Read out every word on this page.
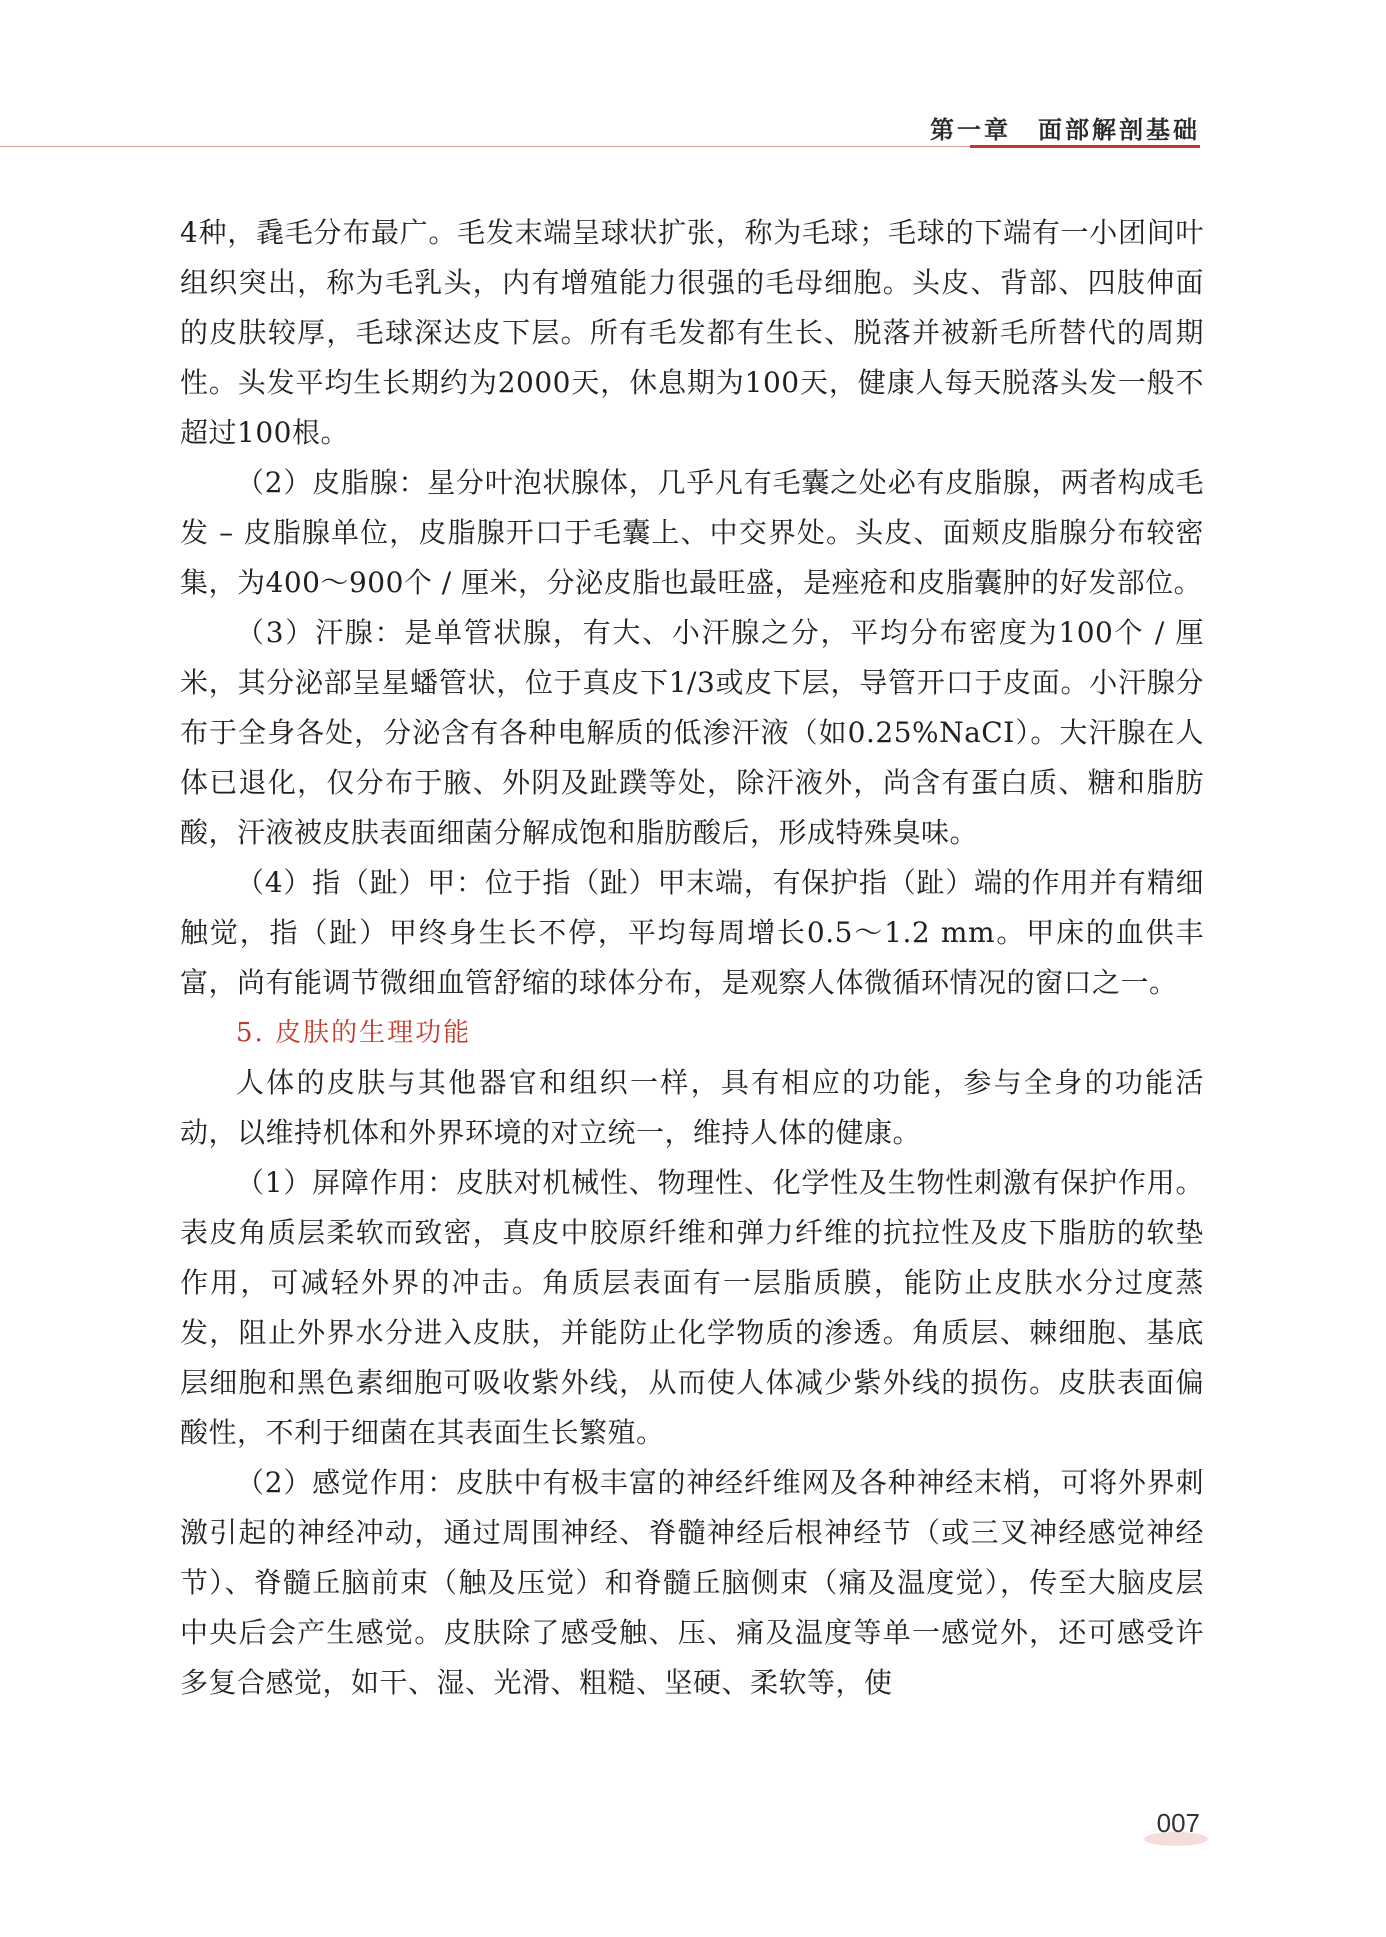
第一章　面部解剖基础

4种，毳毛分布最广。毛发末端呈球状扩张，称为毛球；毛球的下端有一小团间叶组织突出，称为毛乳头，内有增殖能力很强的毛母细胞。头皮、背部、四肢伸面的皮肤较厚，毛球深达皮下层。所有毛发都有生长、脱落并被新毛所替代的周期性。头发平均生长期约为2000天，休息期为100天，健康人每天脱落头发一般不超过100根。

（2）皮脂腺：星分叶泡状腺体，几乎凡有毛囊之处必有皮脂腺，两者构成毛发 – 皮脂腺单位，皮脂腺开口于毛囊上、中交界处。头皮、面颊皮脂腺分布较密集，为400～900个 / 厘米，分泌皮脂也最旺盛，是痤疮和皮脂囊肿的好发部位。

（3）汗腺：是单管状腺，有大、小汗腺之分，平均分布密度为100个 / 厘米，其分泌部呈星蟠管状，位于真皮下1/3或皮下层，导管开口于皮面。小汗腺分布于全身各处，分泌含有各种电解质的低渗汗液（如0.25%NaCI）。大汗腺在人体已退化，仅分布于腋、外阴及趾蹼等处，除汗液外，尚含有蛋白质、糖和脂肪酸，汗液被皮肤表面细菌分解成饱和脂肪酸后，形成特殊臭味。

（4）指（趾）甲：位于指（趾）甲末端，有保护指（趾）端的作用并有精细触觉，指（趾）甲终身生长不停，平均每周增长0.5～1.2 mm。甲床的血供丰富，尚有能调节微细血管舒缩的球体分布，是观察人体微循环情况的窗口之一。

5. 皮肤的生理功能

人体的皮肤与其他器官和组织一样，具有相应的功能，参与全身的功能活动，以维持机体和外界环境的对立统一，维持人体的健康。

（1）屏障作用：皮肤对机械性、物理性、化学性及生物性刺激有保护作用。表皮角质层柔软而致密，真皮中胶原纤维和弹力纤维的抗拉性及皮下脂肪的软垫作用，可减轻外界的冲击。角质层表面有一层脂质膜，能防止皮肤水分过度蒸发，阻止外界水分进入皮肤，并能防止化学物质的渗透。角质层、棘细胞、基底层细胞和黑色素细胞可吸收紫外线，从而使人体减少紫外线的损伤。皮肤表面偏酸性，不利于细菌在其表面生长繁殖。

（2）感觉作用：皮肤中有极丰富的神经纤维网及各种神经末梢，可将外界刺激引起的神经冲动，通过周围神经、脊髓神经后根神经节（或三叉神经感觉神经节）、脊髓丘脑前束（触及压觉）和脊髓丘脑侧束（痛及温度觉），传至大脑皮层中央后会产生感觉。皮肤除了感受触、压、痛及温度等单一感觉外，还可感受许多复合感觉，如干、湿、光滑、粗糙、坚硬、柔软等，使

007
